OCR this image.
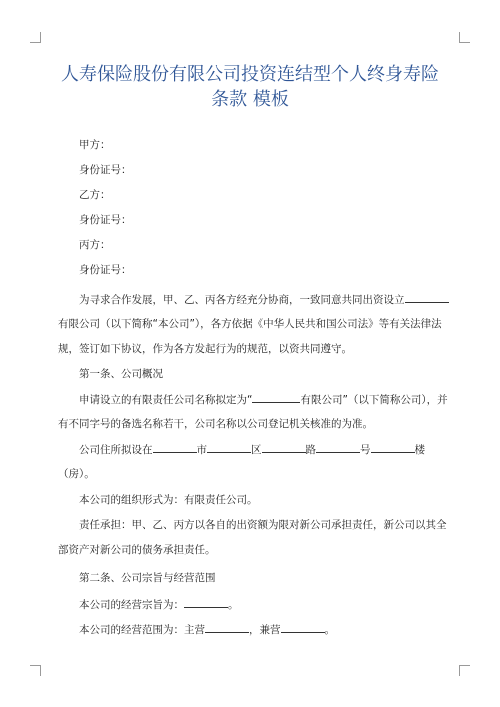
人寿保险股份有限公司投资连结型个人终身寿险
条款 模板
甲方：
身份证号：
乙方：
身份证号：
丙方：
身份证号：
为寻求合作发展，甲、乙、丙各方经充分协商，一致同意共同出资设立
有限公司（以下简称“本公司”），各方依据《中华人民共和国公司法》等有关法律法
规，签订如下协议，作为各方发起行为的规范，以资共同遵守。
第一条、公司概况
申请设立的有限责任公司名称拟定为“	有限公司”（以下简称公司），并
有不同字号的备选名称若干，公司名称以公司登记机关核准的为准。
公司住所拟设在	市	区	路	号	楼
（房）。
本公司的组织形式为：有限责任公司。
责任承担：甲、乙、丙方以各自的出资额为限对新公司承担责任，新公司以其全
部资产对新公司的债务承担责任。
第二条、公司宗旨与经营范围
本公司的经营宗旨为：	。
本公司的经营范围为：主营	，兼营	。
